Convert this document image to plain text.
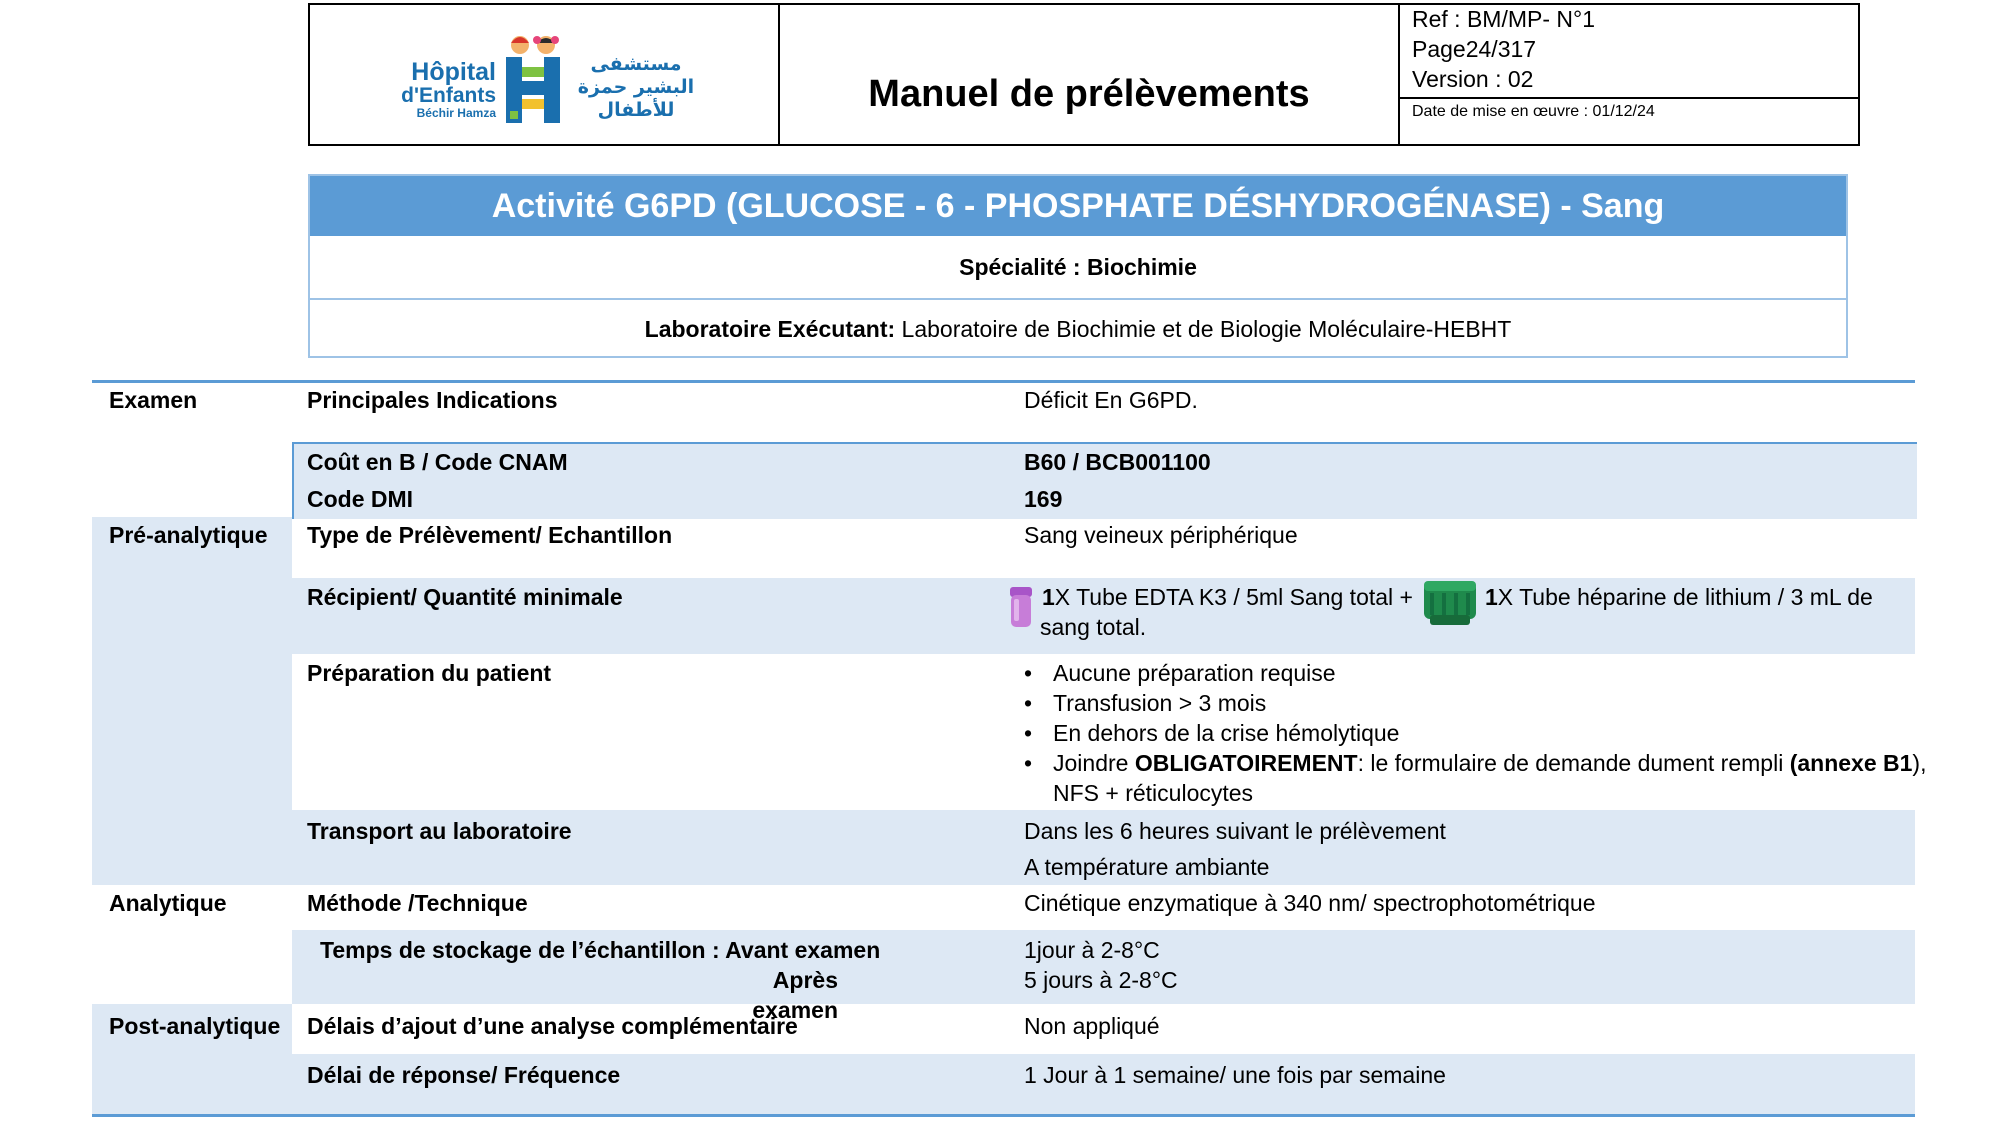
Hôpital
d'Enfants
Béchir Hamza
مستشفى
البشير حمزة
للأطفال	Manuel de prélèvements
Ref : BM/MP- N°1
Page24/317
Version : 02
Date de mise en œuvre : 01/12/24
Activité G6PD (GLUCOSE - 6 - PHOSPHATE DÉSHYDROGÉNASE) - Sang
Spécialité : Biochimie
Laboratoire Exécutant: Laboratoire de Biochimie et de Biologie Moléculaire-HEBHT
Examen
Pré-analytique
Analytique
Post-analytique
Principales Indications
Coût en B / Code CNAM
Code DMI
Type de Prélèvement/ Echantillon
Récipient/ Quantité minimale
Préparation du patient
Transport au laboratoire
Méthode /Technique
Temps de stockage de l’échantillon : Avant examen
Après examen
Délais d’ajout d’une analyse complémentaire
Délai de réponse/ Fréquence
Déficit En G6PD.
B60 / BCB001100
169
Sang veineux périphérique
1X Tube EDTA K3 / 5ml Sang total +	1X Tube héparine de lithium / 3 mL de
sang total.
• Aucune préparation requise
• Transfusion > 3 mois
• En dehors de la crise hémolytique
• Joindre OBLIGATOIREMENT: le formulaire de demande dument rempli (annexe B1),
NFS + réticulocytes
Dans les 6 heures suivant le prélèvement
A température ambiante
Cinétique enzymatique à 340 nm/ spectrophotométrique
1jour à 2-8°C
5 jours à 2-8°C
Non appliqué
1 Jour à 1 semaine/ une fois par semaine
